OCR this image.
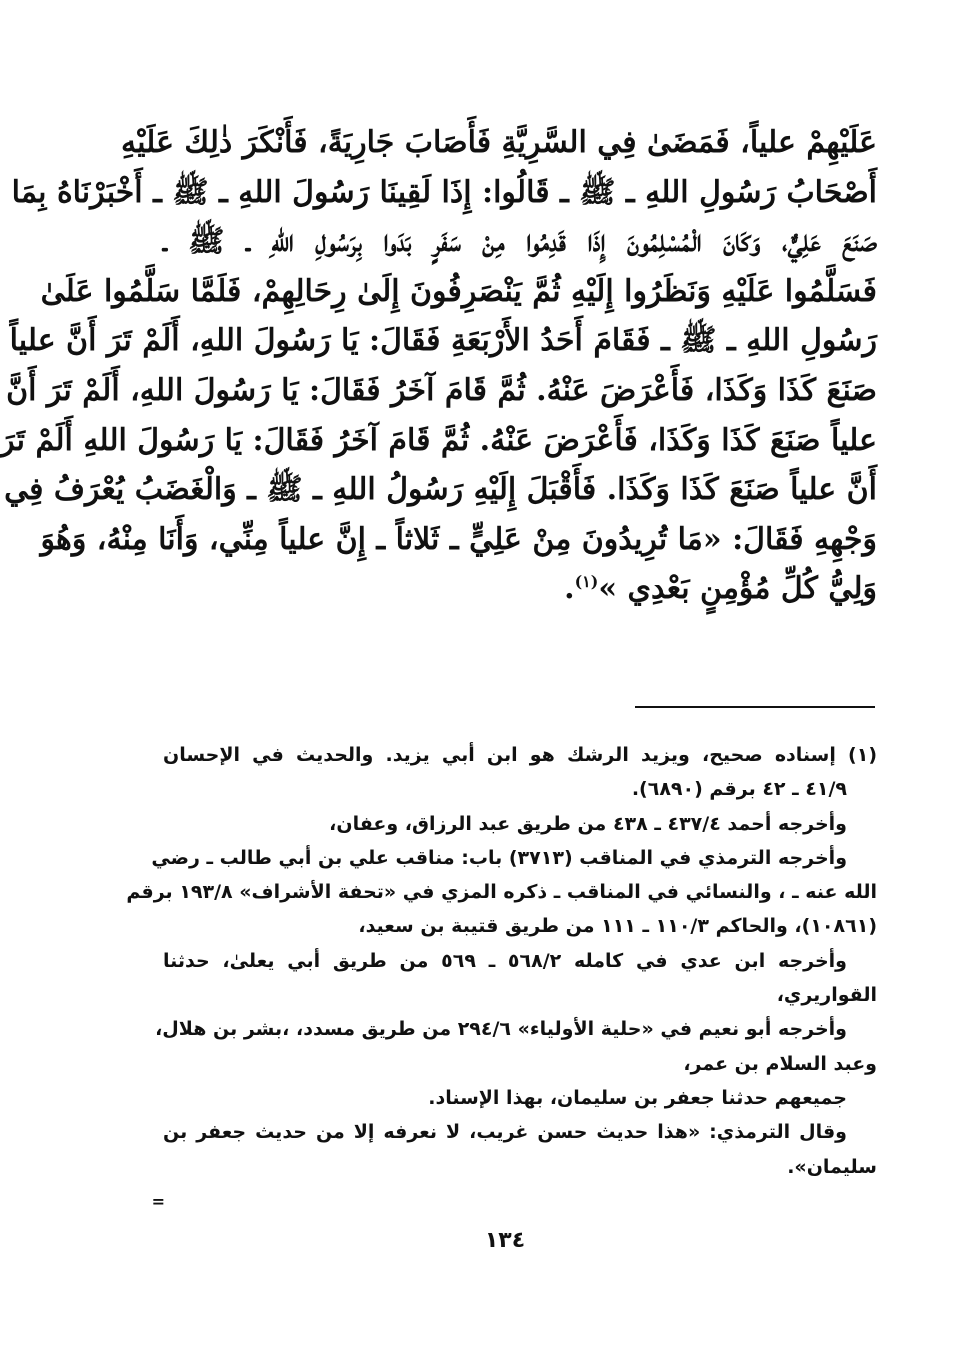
عَلَيْهِمْ علياً، فَمَضَىٰ فِي السَّرِيَّةِ فَأَصَابَ جَارِيَةً، فَأَنْكَرَ ذٰلِكَ عَلَيْهِ
أَصْحَابُ رَسُولِ اللهِ ـ ﷺ ـ قَالُوا: إِذَا لَقِينَا رَسُولَ اللهِ ـ ﷺ ـ أَخْبَرْنَاهُ بِمَا
صَنَعَ عَلِيٌّ، وَكَانَ الْمُسْلِمُونَ إِذَا قَدِمُوا مِنْ سَفَرٍ بَدَوا بِرَسُولِ اللهِ ـ ﷺ ـ
فَسَلَّمُوا عَلَيْهِ وَنَظَرُوا إِلَيْهِ ثُمَّ يَنْصَرِفُونَ إِلَىٰ رِحَالِهِمْ، فَلَمَّا سَلَّمُوا عَلَىٰ
رَسُولِ اللهِ ـ ﷺ ـ فَقَامَ أَحَدُ الأَرْبَعَةِ فَقَالَ: يَا رَسُولَ اللهِ، أَلَمْ تَرَ أَنَّ علياً
صَنَعَ كَذَا وَكَذَا، فَأَعْرَضَ عَنْهُ. ثُمَّ قَامَ آخَرُ فَقَالَ: يَا رَسُولَ اللهِ، أَلَمْ تَرَ أَنَّ
علياً صَنَعَ كَذَا وَكَذَا، فَأَعْرَضَ عَنْهُ. ثُمَّ قَامَ آخَرُ فَقَالَ: يَا رَسُولَ اللهِ أَلَمْ تَرَ
أَنَّ علياً صَنَعَ كَذَا وَكَذَا. فَأَقْبَلَ إِلَيْهِ رَسُولُ اللهِ ـ ﷺ ـ وَالْغَضَبُ يُعْرَفُ فِي
وَجْهِهِ فَقَالَ: «مَا تُرِيدُونَ مِنْ عَلِيٍّ ـ ثَلاثاً ـ إِنَّ علياً مِنِّي، وَأَنَا مِنْهُ، وَهُوَ
وَلِيُّ كُلِّ مُؤْمِنٍ بَعْدِي »$^{(١)}$.
(١) إسناده صحيح، ويزيد الرشك هو ابن أبي يزيد. والحديث في الإحسان
٤١/٩ ـ ٤٢ برقم (٦٨٩٠).
وأخرجه أحمد ٤٣٧/٤ ـ ٤٣٨ من طريق عبد الرزاق، وعفان،
وأخرجه الترمذي في المناقب (٣٧١٣) باب: مناقب علي بن أبي طالب ـ رضي
الله عنه ـ ، والنسائي في المناقب ـ ذكره المزي في «تحفة الأشراف» ١٩٣/٨ برقم
(١٠٨٦١)، والحاكم ١١٠/٣ ـ ١١١ من طريق قتيبة بن سعيد،
وأخرجه ابن عدي في كامله ٥٦٨/٢ ـ ٥٦٩ من طريق أبي يعلىٰ، حدثنا
القواريري،
وأخرجه أبو نعيم في «حلية الأولياء» ٢٩٤/٦ من طريق مسدد، ،بشر بن هلال،
وعبد السلام بن عمر،
جميعهم حدثنا جعفر بن سليمان، بهذا الإسناد.
وقال الترمذي: «هذا حديث حسن غريب، لا نعرفه إلا من حديث جعفر بن
سليمان».
=
١٣٤
